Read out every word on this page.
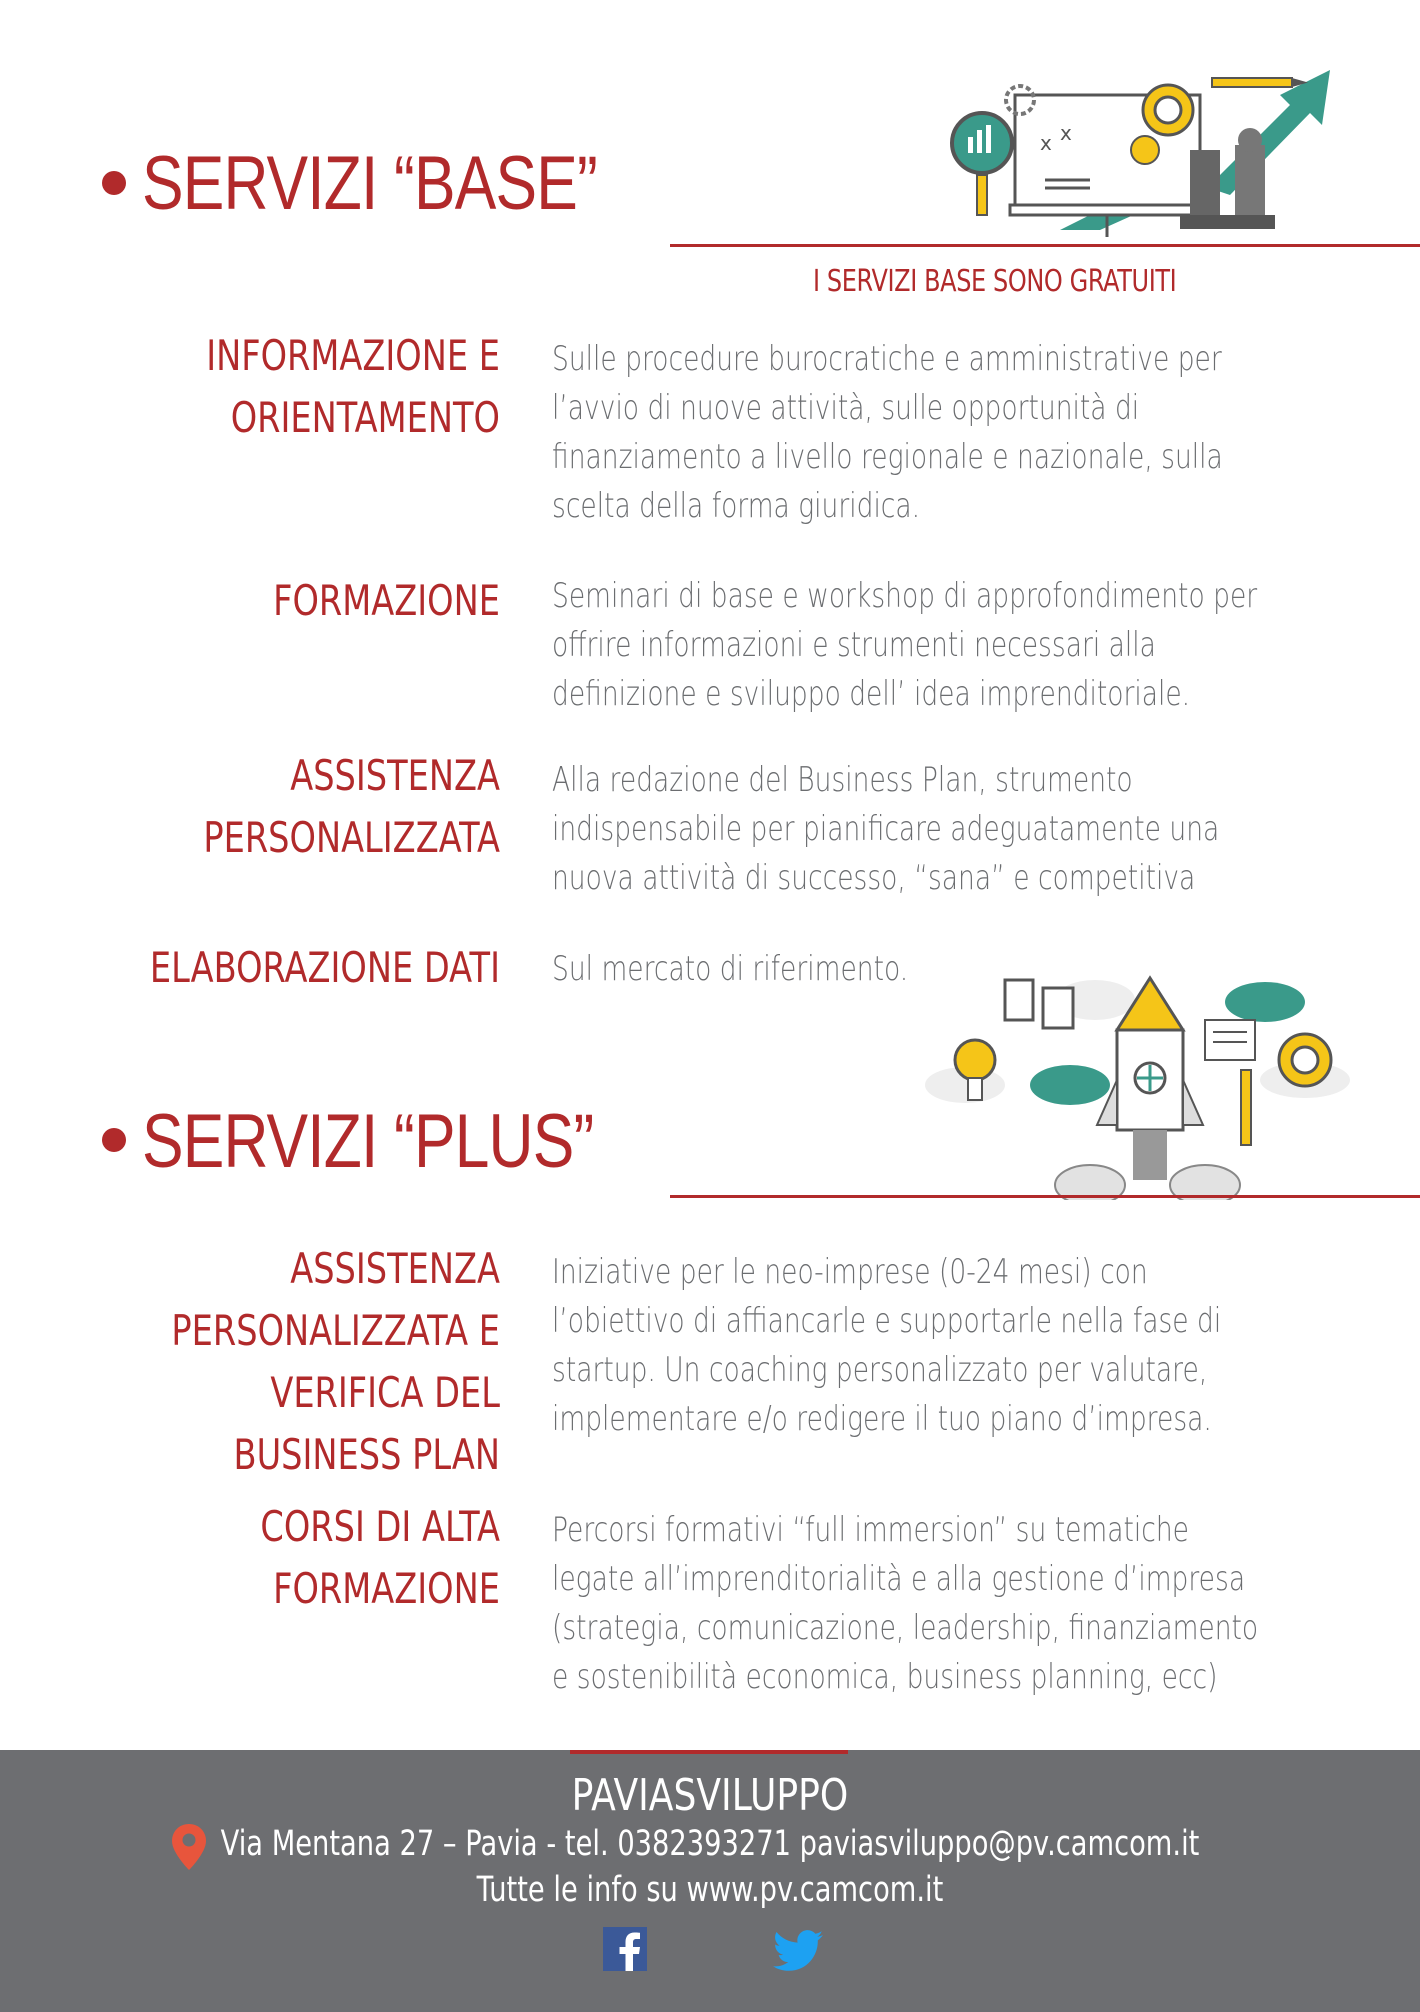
SERVIZI “BASE”	x x
I SERVIZI BASE SONO GRATUITI
INFORMAZIONE E
ORIENTAMENTO
Sulle procedure burocratiche e amministrative per
l’avvio di nuove attività, sulle opportunità di
finanziamento a livello regionale e nazionale, sulla
scelta della forma giuridica.
FORMAZIONE Seminari di base e workshop di approfondimento per
offrire informazioni e strumenti necessari alla
definizione e sviluppo dell’ idea imprenditoriale.
ASSISTENZA
PERSONALIZZATA
Alla redazione del Business Plan, strumento
indispensabile per pianificare adeguatamente una
nuova attività di successo, “sana” e competitiva
ELABORAZIONE DATI Sul mercato di riferimento.
SERVIZI “PLUS”
ASSISTENZA
PERSONALIZZATA E
VERIFICA DEL
BUSINESS PLAN
Iniziative per le neo-imprese (0-24 mesi) con
l’obiettivo di affiancarle e supportarle nella fase di
startup. Un coaching personalizzato per valutare,
implementare e/o redigere il tuo piano d’impresa.
CORSI DI ALTA
FORMAZIONE
Percorsi formativi “full immersion” su tematiche
legate all’imprenditorialità e alla gestione d’impresa
(strategia, comunicazione, leadership, finanziamento
e sostenibilità economica, business planning, ecc)
PAVIASVILUPPO
Via Mentana 27 – Pavia - tel. 0382393271 paviasviluppo@pv.camcom.it
Tutte le info su www.pv.camcom.it
